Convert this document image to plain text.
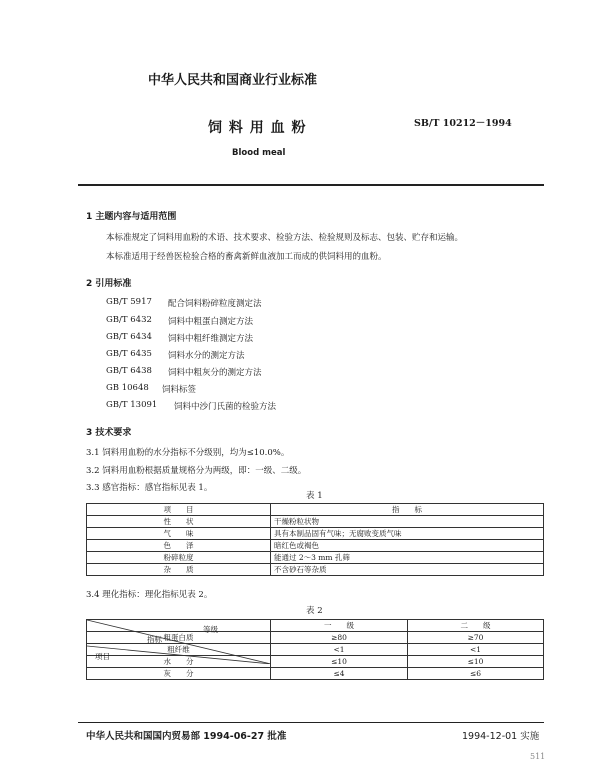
中华人民共和国商业行业标准
饲 料 用 血 粉	SB/T 10212－1994
Blood meal
1 主题内容与适用范围
本标准规定了饲料用血粉的术语、技术要求、检验方法、检验规则及标志、包装、贮存和运输。
本标准适用于经兽医检验合格的畜禽新鲜血液加工而成的供饲料用的血粉。
2 引用标准
GB/T 5917 配合饲料粉碎粒度测定法
GB/T 6432 饲料中粗蛋白测定方法
GB/T 6434 饲料中粗纤维测定方法
GB/T 6435 饲料水分的测定方法
GB/T 6438 饲料中粗灰分的测定方法
GB 10648 饲料标签
GB/T 13091 饲料中沙门氏菌的检验方法
3 技术要求
3.1 饲料用血粉的水分指标不分级别，均为≤10.0%。
3.2 饲料用血粉根据质量规格分为两级，即：一级、二级。
3.3 感官指标：感官指标见表 1。
表 1
项　　目	指　　标
性　　状	干燥粉粒状物
气　　味	具有本制品固有气味；无腐败变质气味
色　　泽	暗红色或褐色
粉碎粒度	能通过 2～3 mm 孔筛
杂　　质	不含砂石等杂质
3.4 理化指标：理化指标见表 2。
表 2
等级
指标
项目	一　　级	二　　级
粗蛋白质	≥80	≥70
粗纤维	<1	<1
水　　分	≤10	≤10
灰　　分	≤4	≤6
中华人民共和国国内贸易部 1994-06-27 批准	1994-12-01 实施
511
